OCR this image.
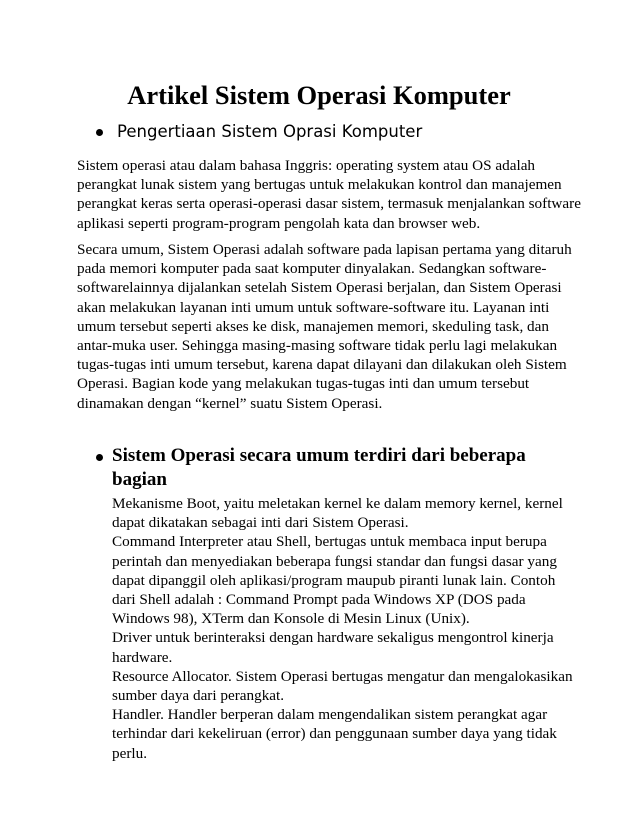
Artikel Sistem Operasi Komputer
Pengertiaan Sistem Oprasi Komputer

Sistem operasi atau dalam bahasa Inggris: operating system atau OS adalah
perangkat lunak sistem yang bertugas untuk melakukan kontrol dan manajemen
perangkat keras serta operasi-operasi dasar sistem, termasuk menjalankan software
aplikasi seperti program-program pengolah kata dan browser web.

Secara umum, Sistem Operasi adalah software pada lapisan pertama yang ditaruh
pada memori komputer pada saat komputer dinyalakan. Sedangkan software-
softwarelainnya dijalankan setelah Sistem Operasi berjalan, dan Sistem Operasi
akan melakukan layanan inti umum untuk software-software itu. Layanan inti
umum tersebut seperti akses ke disk, manajemen memori, skeduling task, dan
antar-muka user. Sehingga masing-masing software tidak perlu lagi melakukan
tugas-tugas inti umum tersebut, karena dapat dilayani dan dilakukan oleh Sistem
Operasi. Bagian kode yang melakukan tugas-tugas inti dan umum tersebut
dinamakan dengan “kernel” suatu Sistem Operasi.

Sistem Operasi secara umum terdiri dari beberapa
bagian

Mekanisme Boot, yaitu meletakan kernel ke dalam memory kernel, kernel
dapat dikatakan sebagai inti dari Sistem Operasi.
Command Interpreter atau Shell, bertugas untuk membaca input berupa
perintah dan menyediakan beberapa fungsi standar dan fungsi dasar yang
dapat dipanggil oleh aplikasi/program maupub piranti lunak lain. Contoh
dari Shell adalah : Command Prompt pada Windows XP (DOS pada
Windows 98), XTerm dan Konsole di Mesin Linux (Unix).
Driver untuk berinteraksi dengan hardware sekaligus mengontrol kinerja
hardware.
Resource Allocator. Sistem Operasi bertugas mengatur dan mengalokasikan
sumber daya dari perangkat.
Handler. Handler berperan dalam mengendalikan sistem perangkat agar
terhindar dari kekeliruan (error) dan penggunaan sumber daya yang tidak
perlu.
